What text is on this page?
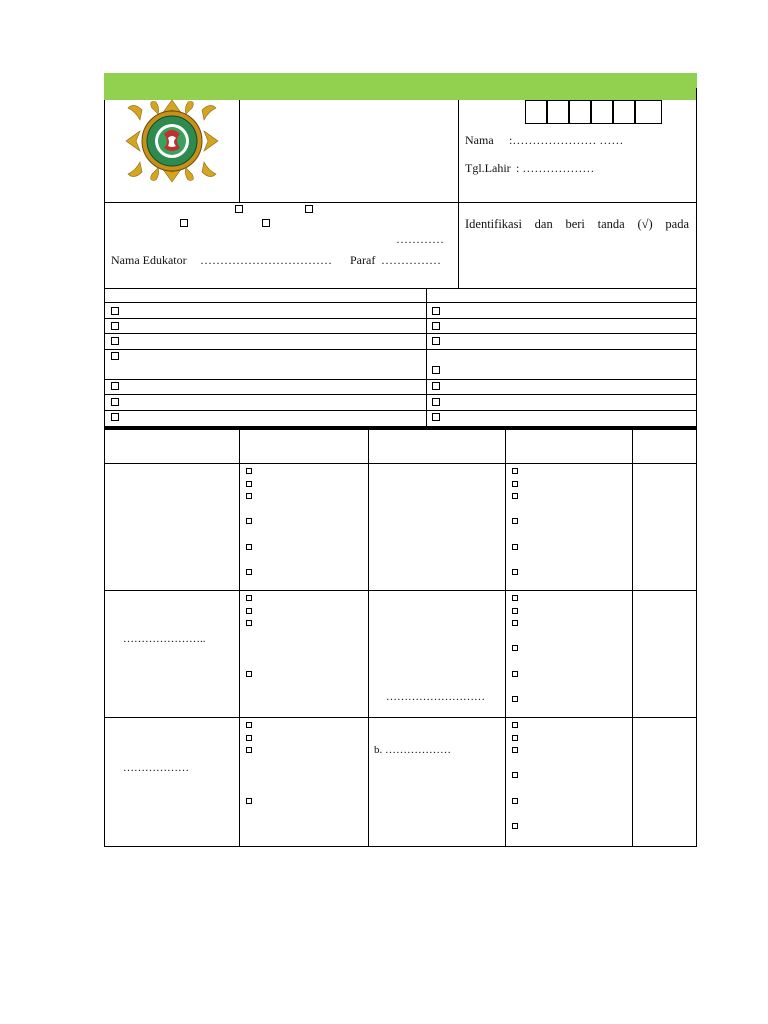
Nama :………………… ……
Tgl.Lahir : ………………
…………
Nama Edukator …………………………… Paraf ……………
Identifikasi dan beri tanda (√) pada
…………………..
………………………
………………
b. ………………
